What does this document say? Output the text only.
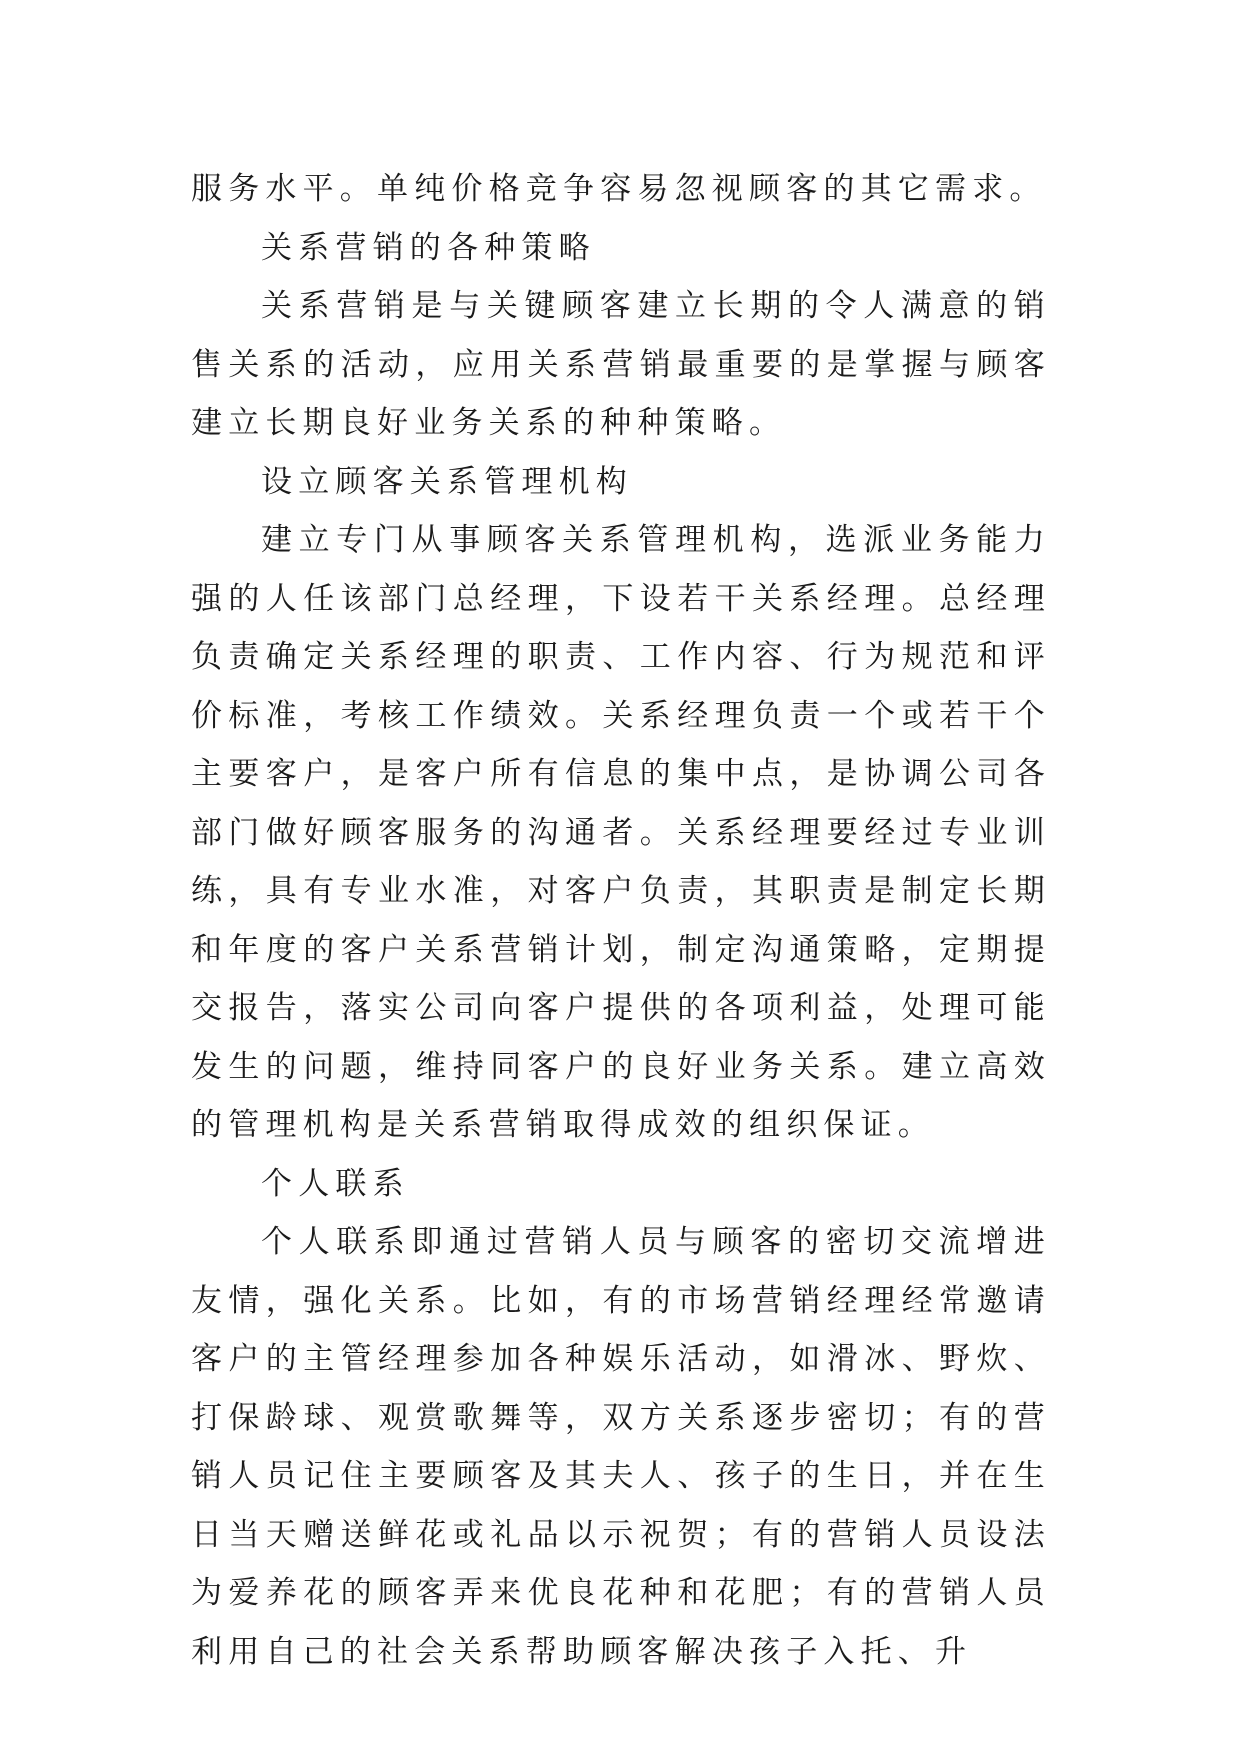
服务水平。单纯价格竞争容易忽视顾客的其它需求。

关系营销的各种策略

关系营销是与关键顾客建立长期的令人满意的销售关系的活动，应用关系营销最重要的是掌握与顾客建立长期良好业务关系的种种策略。

设立顾客关系管理机构

建立专门从事顾客关系管理机构，选派业务能力强的人任该部门总经理，下设若干关系经理。总经理负责确定关系经理的职责、工作内容、行为规范和评价标准，考核工作绩效。关系经理负责一个或若干个主要客户，是客户所有信息的集中点，是协调公司各部门做好顾客服务的沟通者。关系经理要经过专业训练，具有专业水准，对客户负责，其职责是制定长期和年度的客户关系营销计划，制定沟通策略，定期提交报告，落实公司向客户提供的各项利益，处理可能发生的问题，维持同客户的良好业务关系。建立高效的管理机构是关系营销取得成效的组织保证。

个人联系

个人联系即通过营销人员与顾客的密切交流增进友情，强化关系。比如，有的市场营销经理经常邀请客户的主管经理参加各种娱乐活动，如滑冰、野炊、打保龄球、观赏歌舞等，双方关系逐步密切；有的营销人员记住主要顾客及其夫人、孩子的生日，并在生日当天赠送鲜花或礼品以示祝贺；有的营销人员设法为爱养花的顾客弄来优良花种和花肥；有的营销人员利用自己的社会关系帮助顾客解决孩子入托、升
